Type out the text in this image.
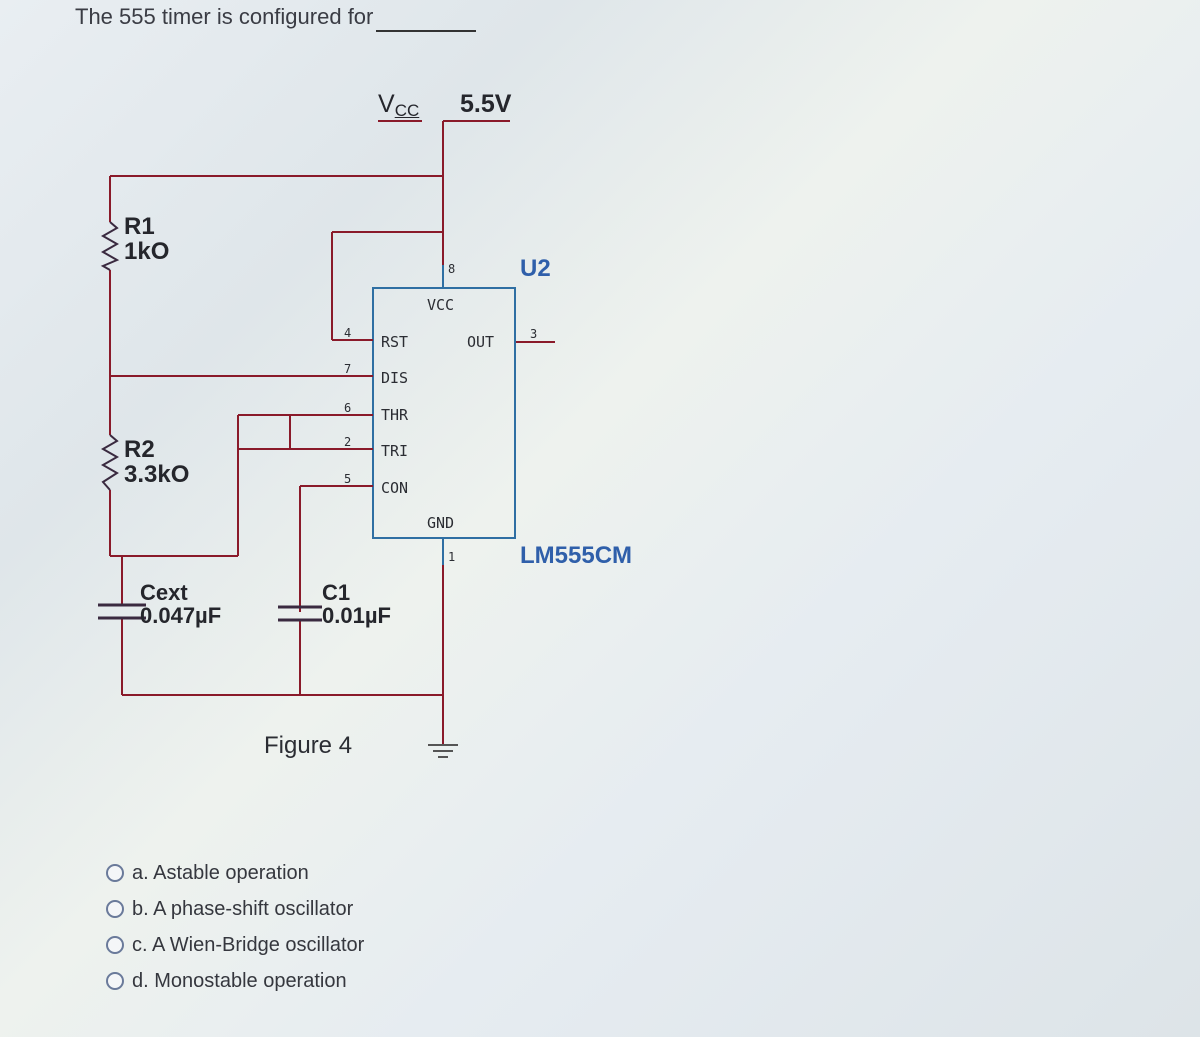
The 555 timer is configured for
$V_{CC}$ 5.5V
R1
1kO
R2
3.3kO
Cext
0.047µF
C1
0.01µF
U2
LM555CM
VCC
GND
OUT
RST
DIS
THR
TRI
CON
4
7
6
2
5
8
1
3
Figure 4
a. Astable operation
b. A phase-shift oscillator
c. A Wien-Bridge oscillator
d. Monostable operation
